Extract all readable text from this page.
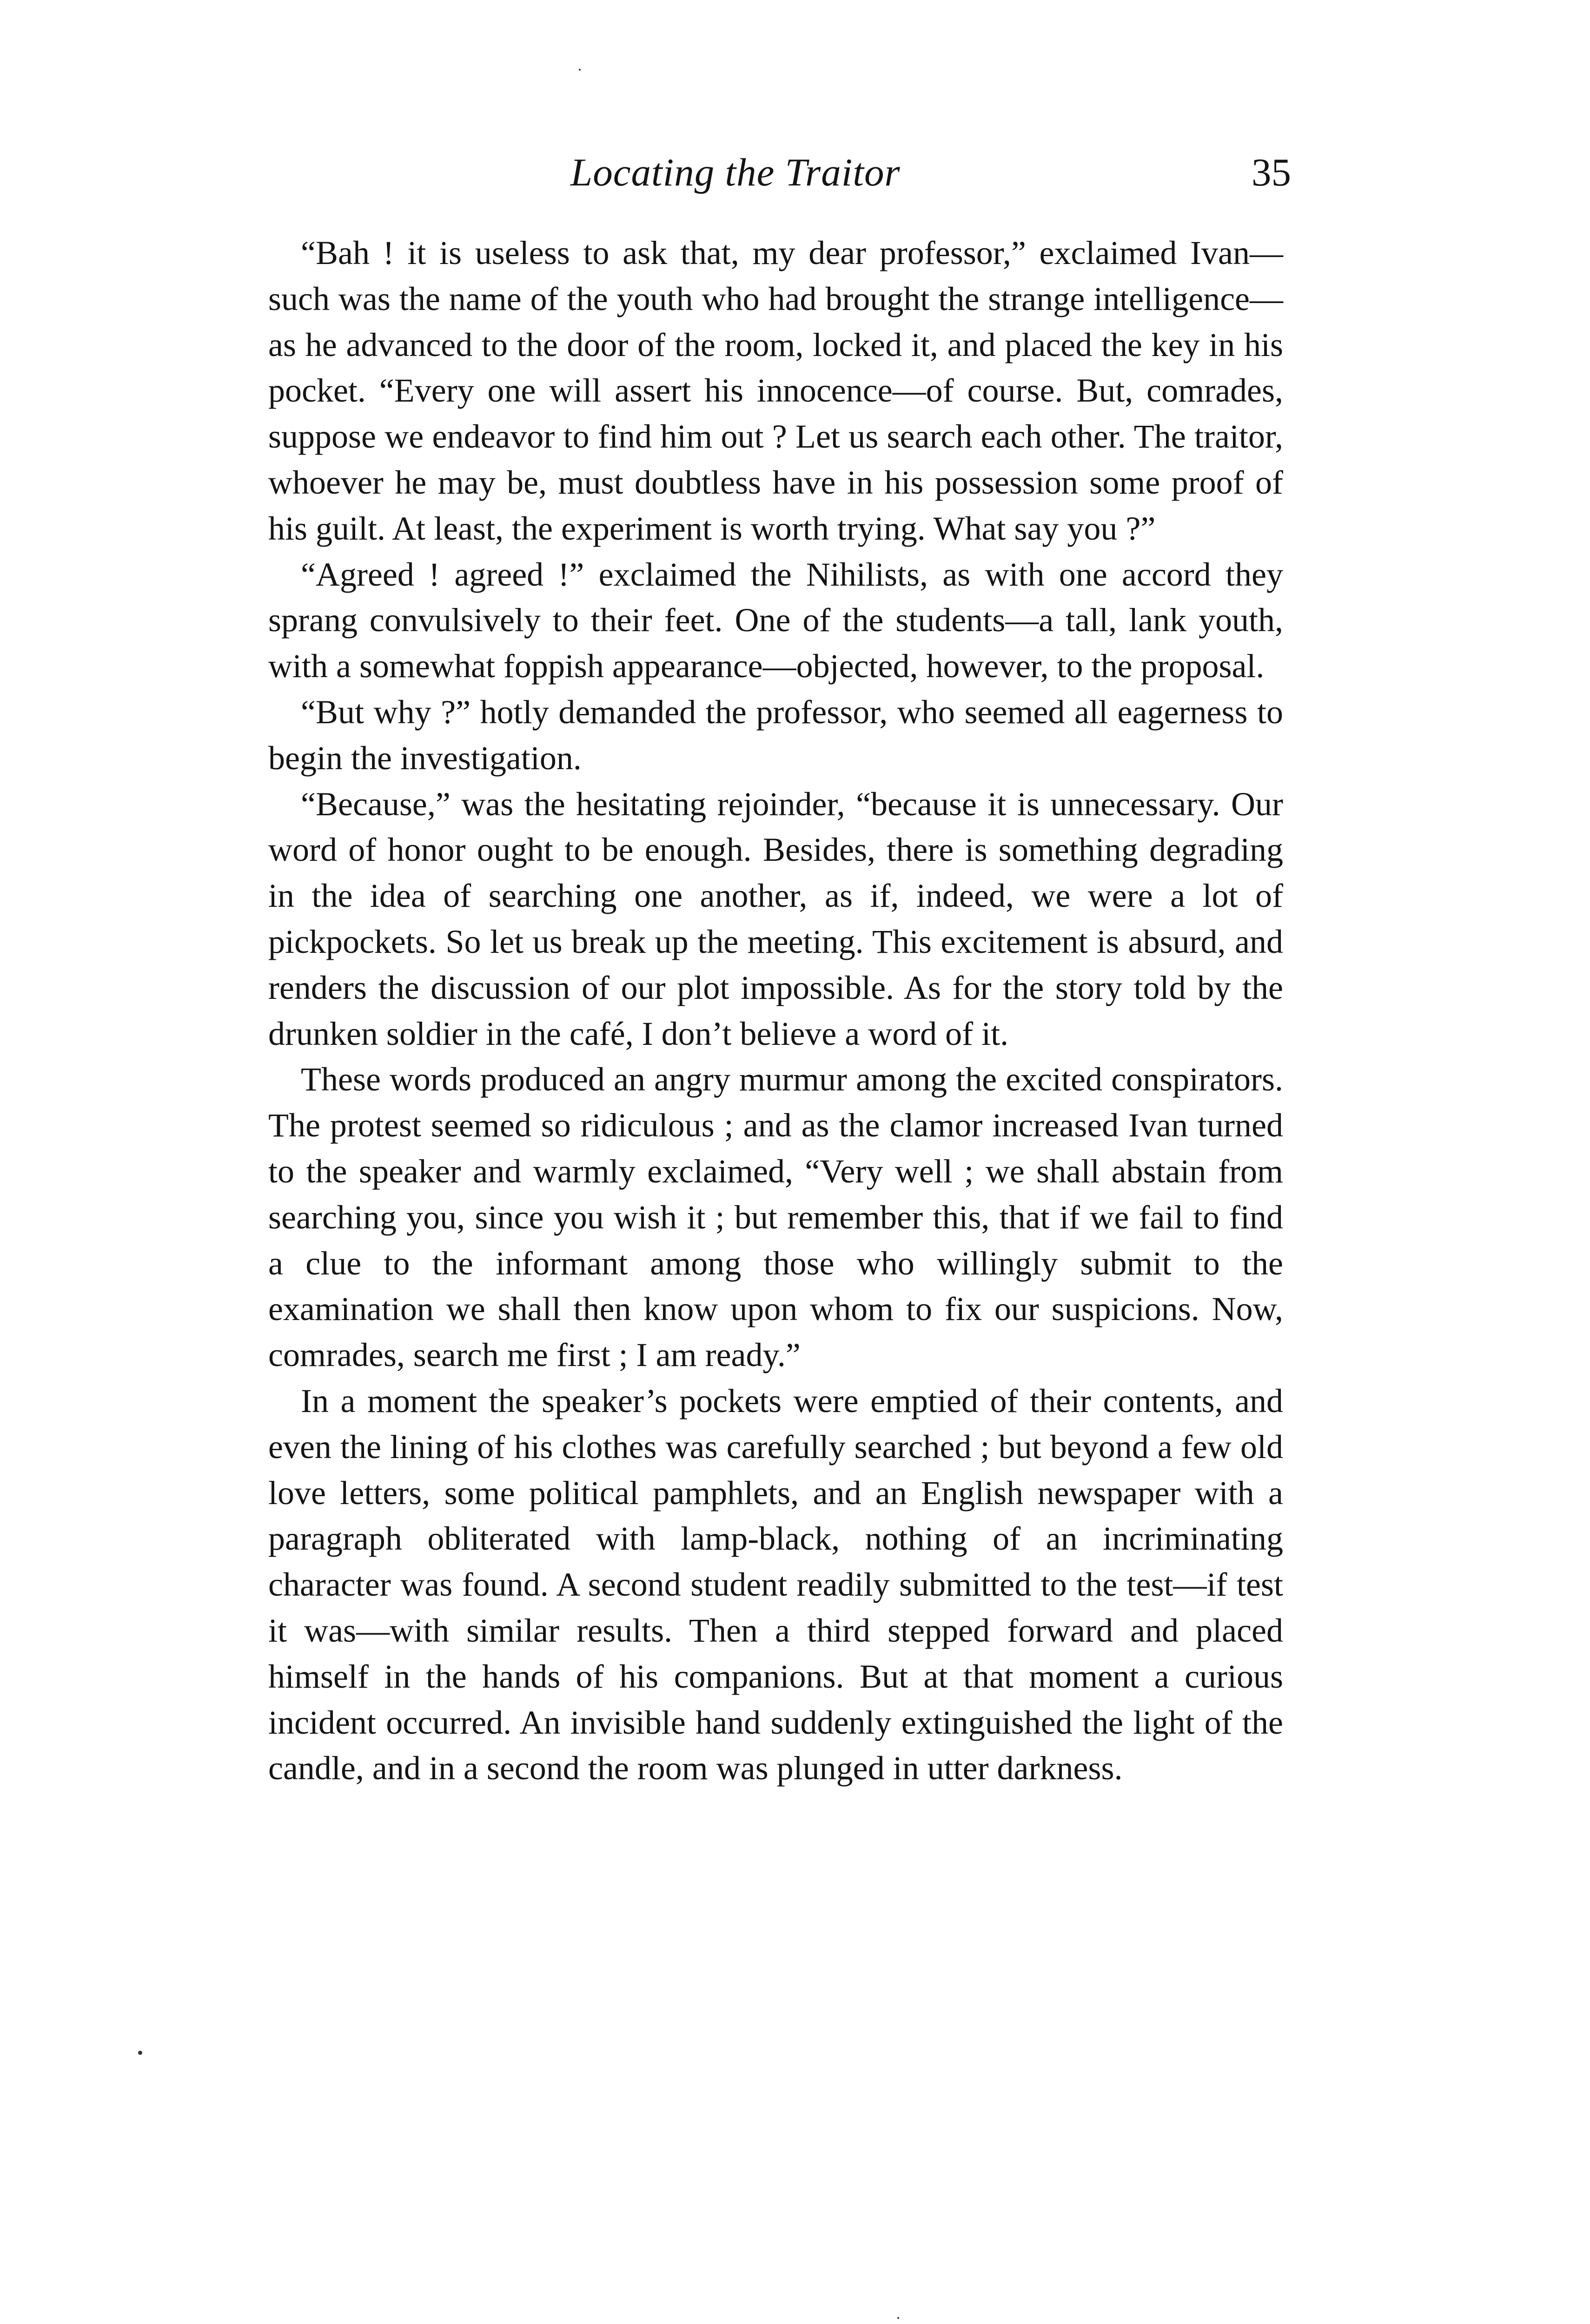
Locating the Traitor	35

“Bah ! it is useless to ask that, my dear professor,” exclaimed Ivan—such was the name of the youth who had brought the strange intelligence—as he advanced to the door of the room, locked it, and placed the key in his pocket. “Every one will assert his innocence—of course. But, comrades, suppose we endeavor to find him out ? Let us search each other. The traitor, whoever he may be, must doubtless have in his possession some proof of his guilt. At least, the experiment is worth trying. What say you ?”

“Agreed ! agreed !” exclaimed the Nihilists, as with one accord they sprang convulsively to their feet. One of the students—a tall, lank youth, with a somewhat foppish appearance—objected, however, to the proposal.

“But why ?” hotly demanded the professor, who seemed all eagerness to begin the investigation.

“Because,” was the hesitating rejoinder, “because it is unnecessary. Our word of honor ought to be enough. Besides, there is something degrading in the idea of searching one another, as if, indeed, we were a lot of pickpockets. So let us break up the meeting. This excitement is absurd, and renders the discussion of our plot impossible. As for the story told by the drunken soldier in the café, I don’t believe a word of it.

These words produced an angry murmur among the excited conspirators. The protest seemed so ridiculous ; and as the clamor increased Ivan turned to the speaker and warmly exclaimed, “Very well ; we shall abstain from searching you, since you wish it ; but remember this, that if we fail to find a clue to the informant among those who willingly submit to the examination we shall then know upon whom to fix our suspicions. Now, comrades, search me first ; I am ready.”

In a moment the speaker’s pockets were emptied of their contents, and even the lining of his clothes was carefully searched ; but beyond a few old love letters, some political pamphlets, and an English newspaper with a paragraph obliterated with lamp-black, nothing of an incriminating character was found. A second student readily submitted to the test—if test it was—with similar results. Then a third stepped forward and placed himself in the hands of his companions. But at that moment a curious incident occurred. An invisible hand suddenly extinguished the light of the candle, and in a second the room was plunged in utter darkness.
